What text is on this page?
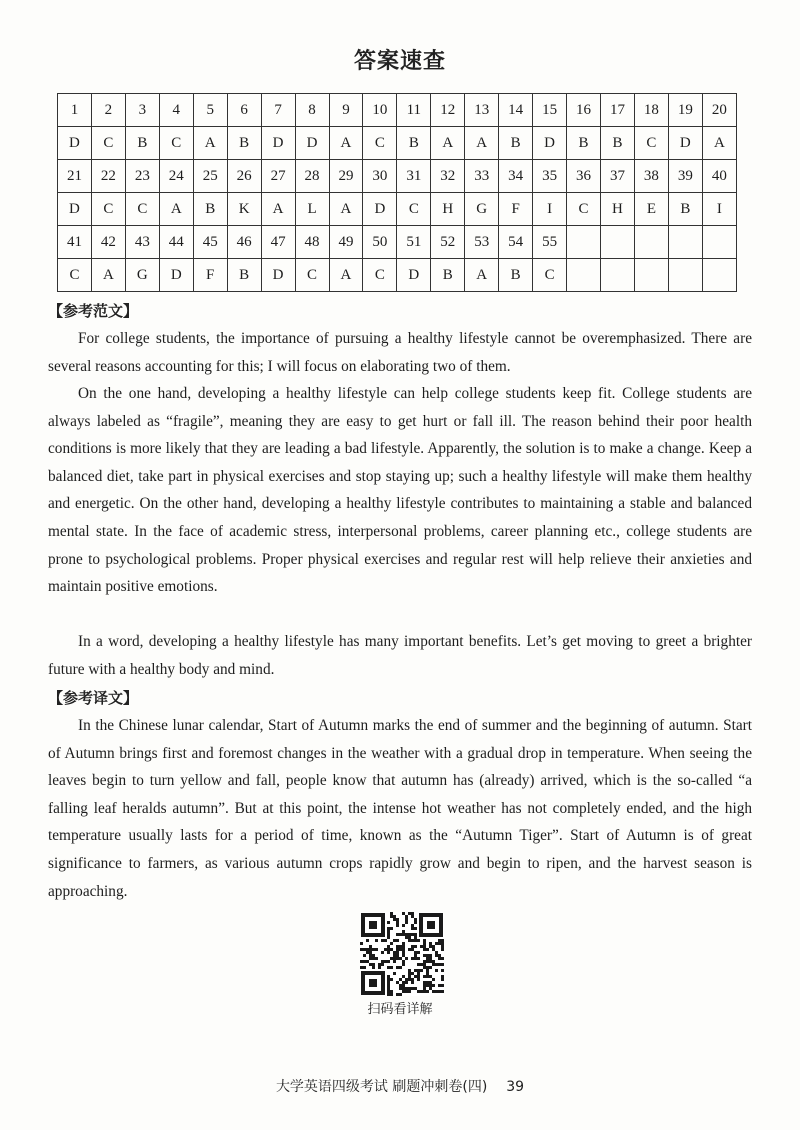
答案速查
1	2	3	4	5	6	7	8	9	10	11	12	13	14	15	16	17	18	19	20
D	C	B	C	A	B	D	D	A	C	B	A	A	B	D	B	B	C	D	A
21	22	23	24	25	26	27	28	29	30	31	32	33	34	35	36	37	38	39	40
D	C	C	A	B	K	A	L	A	D	C	H	G	F	I	C	H	E	B	I
41	42	43	44	45	46	47	48	49	50	51	52	53	54	55					
C	A	G	D	F	B	D	C	A	C	D	B	A	B	C					
【参考范文】

For college students, the importance of pursuing a healthy lifestyle cannot be overemphasized. There are several reasons accounting for this; I will focus on elaborating two of them.

On the one hand, developing a healthy lifestyle can help college students keep fit. College students are always labeled as “fragile”, meaning they are easy to get hurt or fall ill. The reason behind their poor health conditions is more likely that they are leading a bad lifestyle. Apparently, the solution is to make a change. Keep a balanced diet, take part in physical exercises and stop staying up; such a healthy lifestyle will make them healthy and energetic. On the other hand, developing a healthy lifestyle contributes to maintaining a stable and balanced mental state. In the face of academic stress, interpersonal problems, career planning etc., college students are prone to psychological problems. Proper physical exercises and regular rest will help relieve their anxieties and maintain positive emotions.

In a word, developing a healthy lifestyle has many important benefits. Let’s get moving to greet a brighter future with a healthy body and mind.

【参考译文】

In the Chinese lunar calendar, Start of Autumn marks the end of summer and the beginning of autumn. Start of Autumn brings first and foremost changes in the weather with a gradual drop in temperature. When seeing the leaves begin to turn yellow and fall, people know that autumn has (already) arrived, which is the so-called “a falling leaf heralds autumn”. But at this point, the intense hot weather has not completely ended, and the high temperature usually lasts for a period of time, known as the “Autumn Tiger”. Start of Autumn is of great significance to farmers, as various autumn crops rapidly grow and begin to ripen, and the harvest season is approaching.

扫码看详解
大学英语四级考试 刷题冲刺卷(四) 39
